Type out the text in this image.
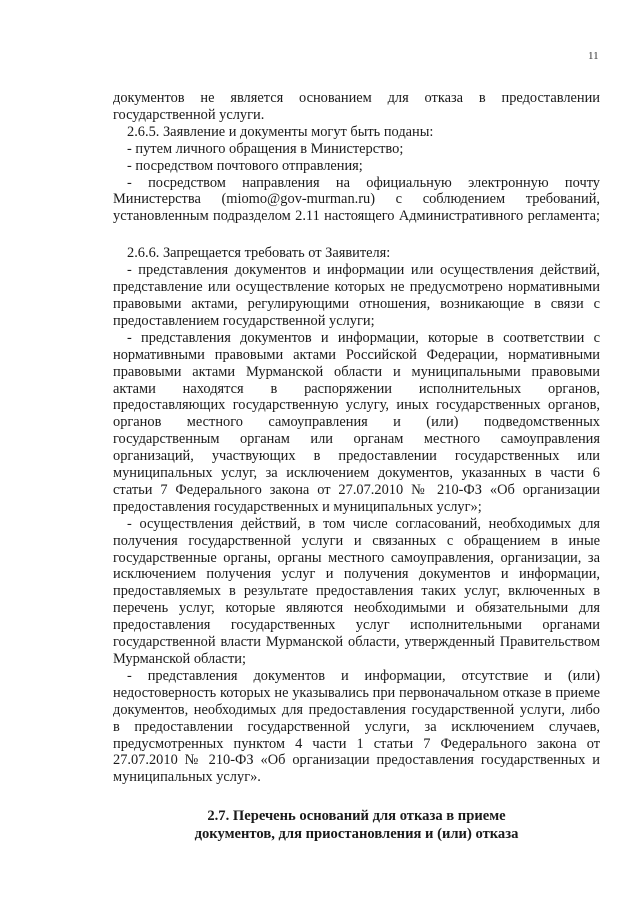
11
документов не является основанием для отказа в предоставлении
государственной услуги.
2.6.5. Заявление и документы могут быть поданы:
- путем личного обращения в Министерство;
- посредством почтового отправления;
- посредством направления на официальную электронную почту
Министерства (miomo@gov-murman.ru) с соблюдением требований,
установленным подразделом 2.11 настоящего Административного регламента;
2.6.6. Запрещается требовать от Заявителя:
- представления документов и информации или осуществления действий,
представление или осуществление которых не предусмотрено нормативными
правовыми актами, регулирующими отношения, возникающие в связи с
предоставлением государственной услуги;
- представления документов и информации, которые в соответствии с
нормативными правовыми актами Российской Федерации, нормативными
правовыми актами Мурманской области и муниципальными правовыми
актами находятся в распоряжении исполнительных органов,
предоставляющих государственную услугу, иных государственных органов,
органов местного самоуправления и (или) подведомственных
государственным органам или органам местного самоуправления
организаций, участвующих в предоставлении государственных или
муниципальных услуг, за исключением документов, указанных в части 6
статьи 7 Федерального закона от 27.07.2010 № 210-ФЗ «Об организации
предоставления государственных и муниципальных услуг»;
- осуществления действий, в том числе согласований, необходимых для
получения государственной услуги и связанных с обращением в иные
государственные органы, органы местного самоуправления, организации, за
исключением получения услуг и получения документов и информации,
предоставляемых в результате предоставления таких услуг, включенных в
перечень услуг, которые являются необходимыми и обязательными для
предоставления государственных услуг исполнительными органами
государственной власти Мурманской области, утвержденный Правительством
Мурманской области;
- представления документов и информации, отсутствие и (или)
недостоверность которых не указывались при первоначальном отказе в приеме
документов, необходимых для предоставления государственной услуги, либо
в предоставлении государственной услуги, за исключением случаев,
предусмотренных пунктом 4 части 1 статьи 7 Федерального закона от
27.07.2010 № 210-ФЗ «Об организации предоставления государственных и
муниципальных услуг».
2.7. Перечень оснований для отказа в приеме
документов, для приостановления и (или) отказа
